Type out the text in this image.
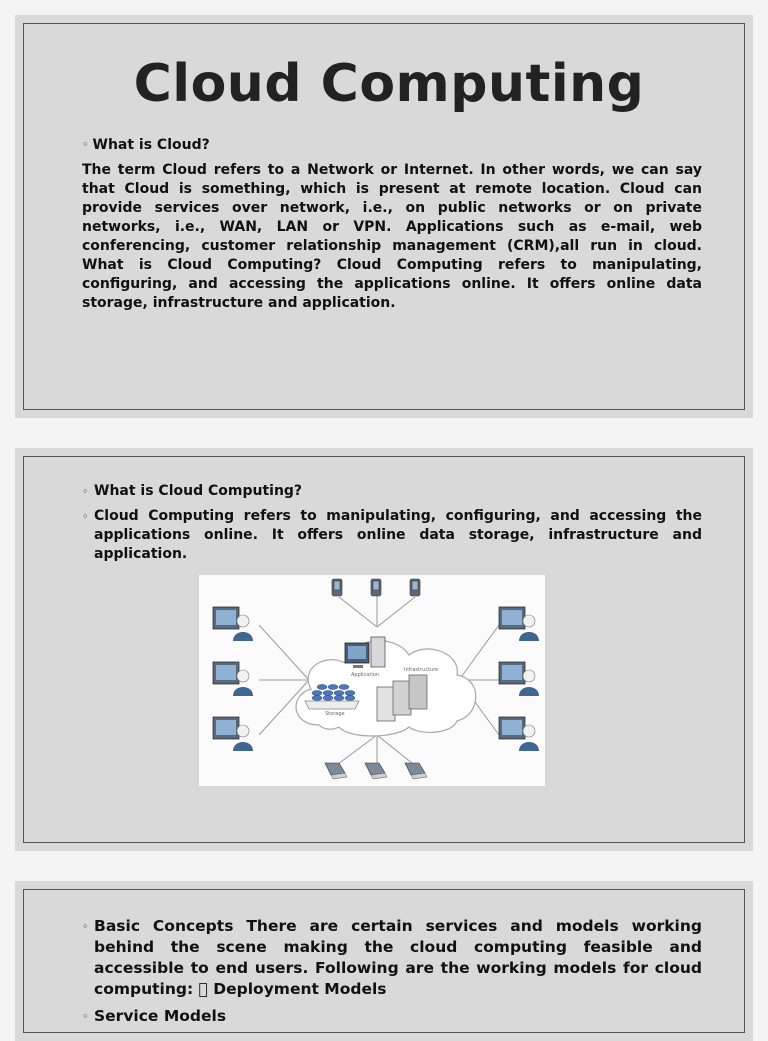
Cloud Computing
◦ What is Cloud?
The term Cloud refers to a Network or Internet. In other words, we can say that Cloud is something, which is present at remote location. Cloud can provide services over network, i.e., on public networks or on private networks, i.e., WAN, LAN or VPN. Applications such as e-mail, web conferencing, customer relationship management (CRM),all run in cloud. What is Cloud Computing? Cloud Computing refers to manipulating, configuring, and accessing the applications online. It offers online data storage, infrastructure and application.
◦ What is Cloud Computing?
◦ Cloud Computing refers to manipulating, configuring, and accessing the applications online. It offers online data storage, infrastructure and application.
Application
Infrastructure
Storage
◦ Basic Concepts There are certain services and models working behind the scene making the cloud computing feasible and accessible to end users. Following are the working models for cloud computing: Deployment Models
◦ Service Models
